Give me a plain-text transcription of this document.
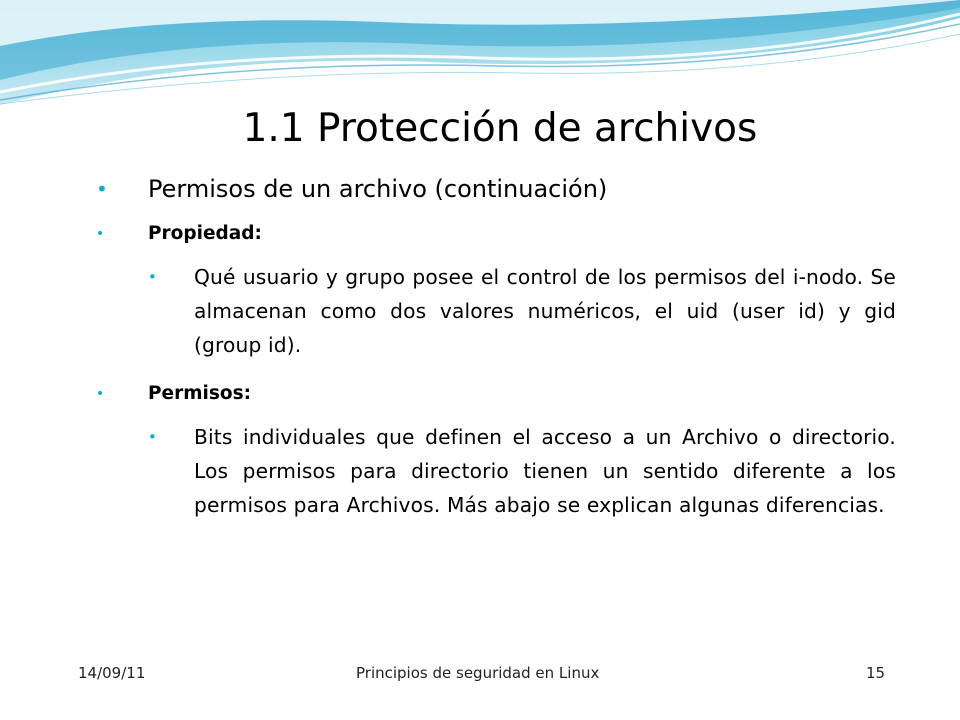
1.1 Protección de archivos
• Permisos de un archivo (continuación)
• Propiedad:
• Qué usuario y grupo posee el control de los permisos del i-nodo. Se almacenan como dos valores numéricos, el uid (user id) y gid (group id).
• Permisos:
• Bits individuales que definen el acceso a un Archivo o directorio. Los permisos para directorio tienen un sentido diferente a los permisos para Archivos. Más abajo se explican algunas diferencias.
14/09/11	Principios de seguridad en Linux	15
